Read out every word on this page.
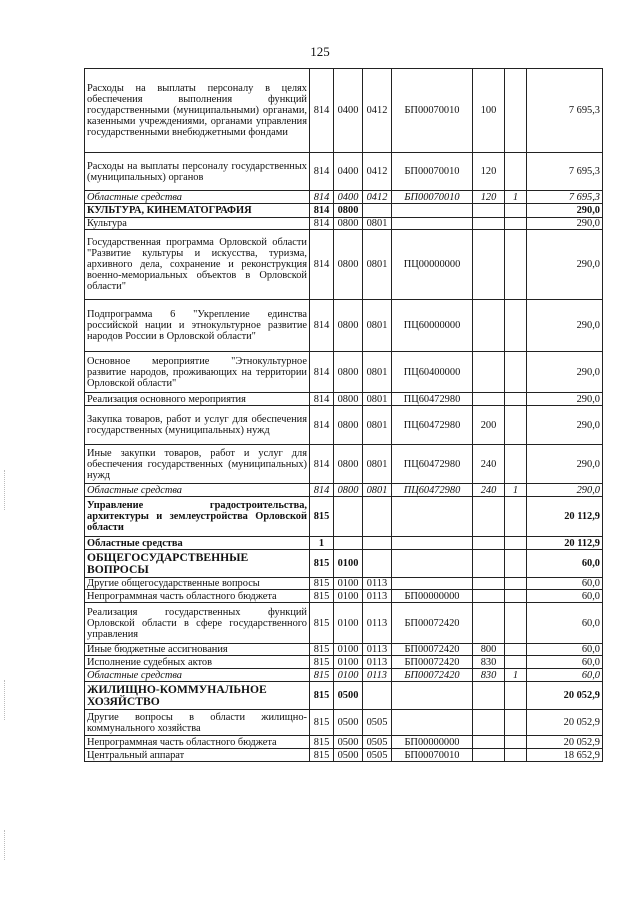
125
Расходы на выплаты персоналу в целях обеспечения выполнения функций государственными (муниципальными) органами, казенными учреждениями, органами управления государственными внебюджетными фондами	814	0400	0412	БП00070010	100		7 695,3
Расходы на выплаты персоналу государственных (муниципальных) органов	814	0400	0412	БП00070010	120		7 695,3
Областные средства	814	0400	0412	БП00070010	120	1	7 695,3
КУЛЬТУРА, КИНЕМАТОГРАФИЯ	814	0800					290,0
Культура	814	0800	0801				290,0
Государственная программа Орловской области "Развитие культуры и искусства, туризма, архивного дела, сохранение и реконструкция военно-мемориальных объектов в Орловской области"	814	0800	0801	ПЦ00000000			290,0
Подпрограмма 6 "Укрепление единства российской нации и этнокультурное развитие народов России в Орловской области"	814	0800	0801	ПЦ60000000			290,0
Основное мероприятие "Этнокультурное развитие народов, проживающих на территории Орловской области"	814	0800	0801	ПЦ60400000			290,0
Реализация основного мероприятия	814	0800	0801	ПЦ60472980			290,0
Закупка товаров, работ и услуг для обеспечения государственных (муниципальных) нужд	814	0800	0801	ПЦ60472980	200		290,0
Иные закупки товаров, работ и услуг для обеспечения государственных (муниципальных) нужд	814	0800	0801	ПЦ60472980	240		290,0
Областные средства	814	0800	0801	ПЦ60472980	240	1	290,0
Управление градостроительства, архитектуры и землеустройства Орловской области	815						20 112,9
Областные средства	1						20 112,9
ОБЩЕГОСУДАРСТВЕННЫЕ ВОПРОСЫ	815	0100					60,0
Другие общегосударственные вопросы	815	0100	0113				60,0
Непрограммная часть областного бюджета	815	0100	0113	БП00000000			60,0
Реализация государственных функций Орловской области в сфере государственного управления	815	0100	0113	БП00072420			60,0
Иные бюджетные ассигнования	815	0100	0113	БП00072420	800		60,0
Исполнение судебных актов	815	0100	0113	БП00072420	830		60,0
Областные средства	815	0100	0113	БП00072420	830	1	60,0
ЖИЛИЩНО-КОММУНАЛЬНОЕ ХОЗЯЙСТВО	815	0500					20 052,9
Другие вопросы в области жилищно-коммунального хозяйства	815	0500	0505				20 052,9
Непрограммная часть областного бюджета	815	0500	0505	БП00000000			20 052,9
Центральный аппарат	815	0500	0505	БП00070010			18 652,9
